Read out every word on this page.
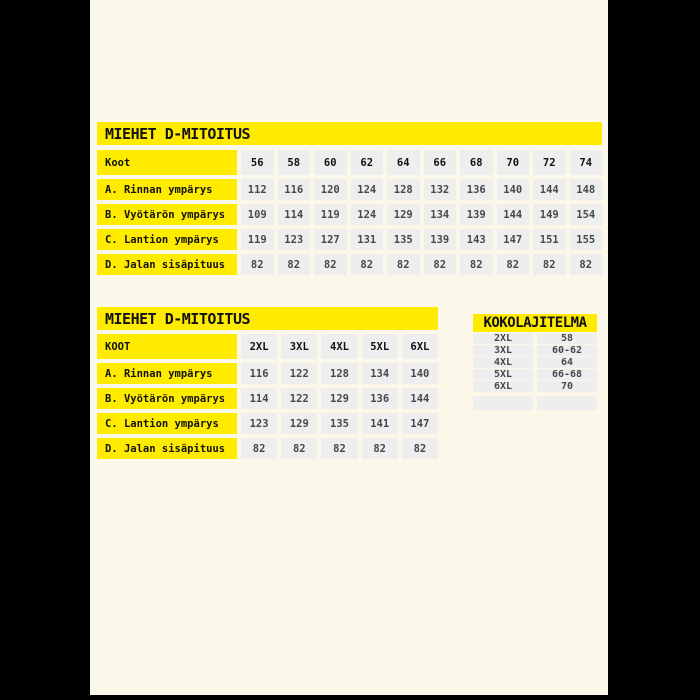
MIEHET D-MITOITUS
Koot	56	58	60	62	64	66	68	70	72	74
A. Rinnan ympärys	112	116	120	124	128	132	136	140	144	148
B. Vyötärön ympärys	109	114	119	124	129	134	139	144	149	154
C. Lantion ympärys	119	123	127	131	135	139	143	147	151	155
D. Jalan sisäpituus	82	82	82	82	82	82	82	82	82	82
MIEHET D-MITOITUS
KOOT	2XL	3XL	4XL	5XL	6XL
A. Rinnan ympärys	116	122	128	134	140
B. Vyötärön ympärys	114	122	129	136	144
C. Lantion ympärys	123	129	135	141	147
D. Jalan sisäpituus	82	82	82	82	82
KOKOLAJITELMA
2XL	58
3XL	60-62
4XL	64
5XL	66-68
6XL	70
